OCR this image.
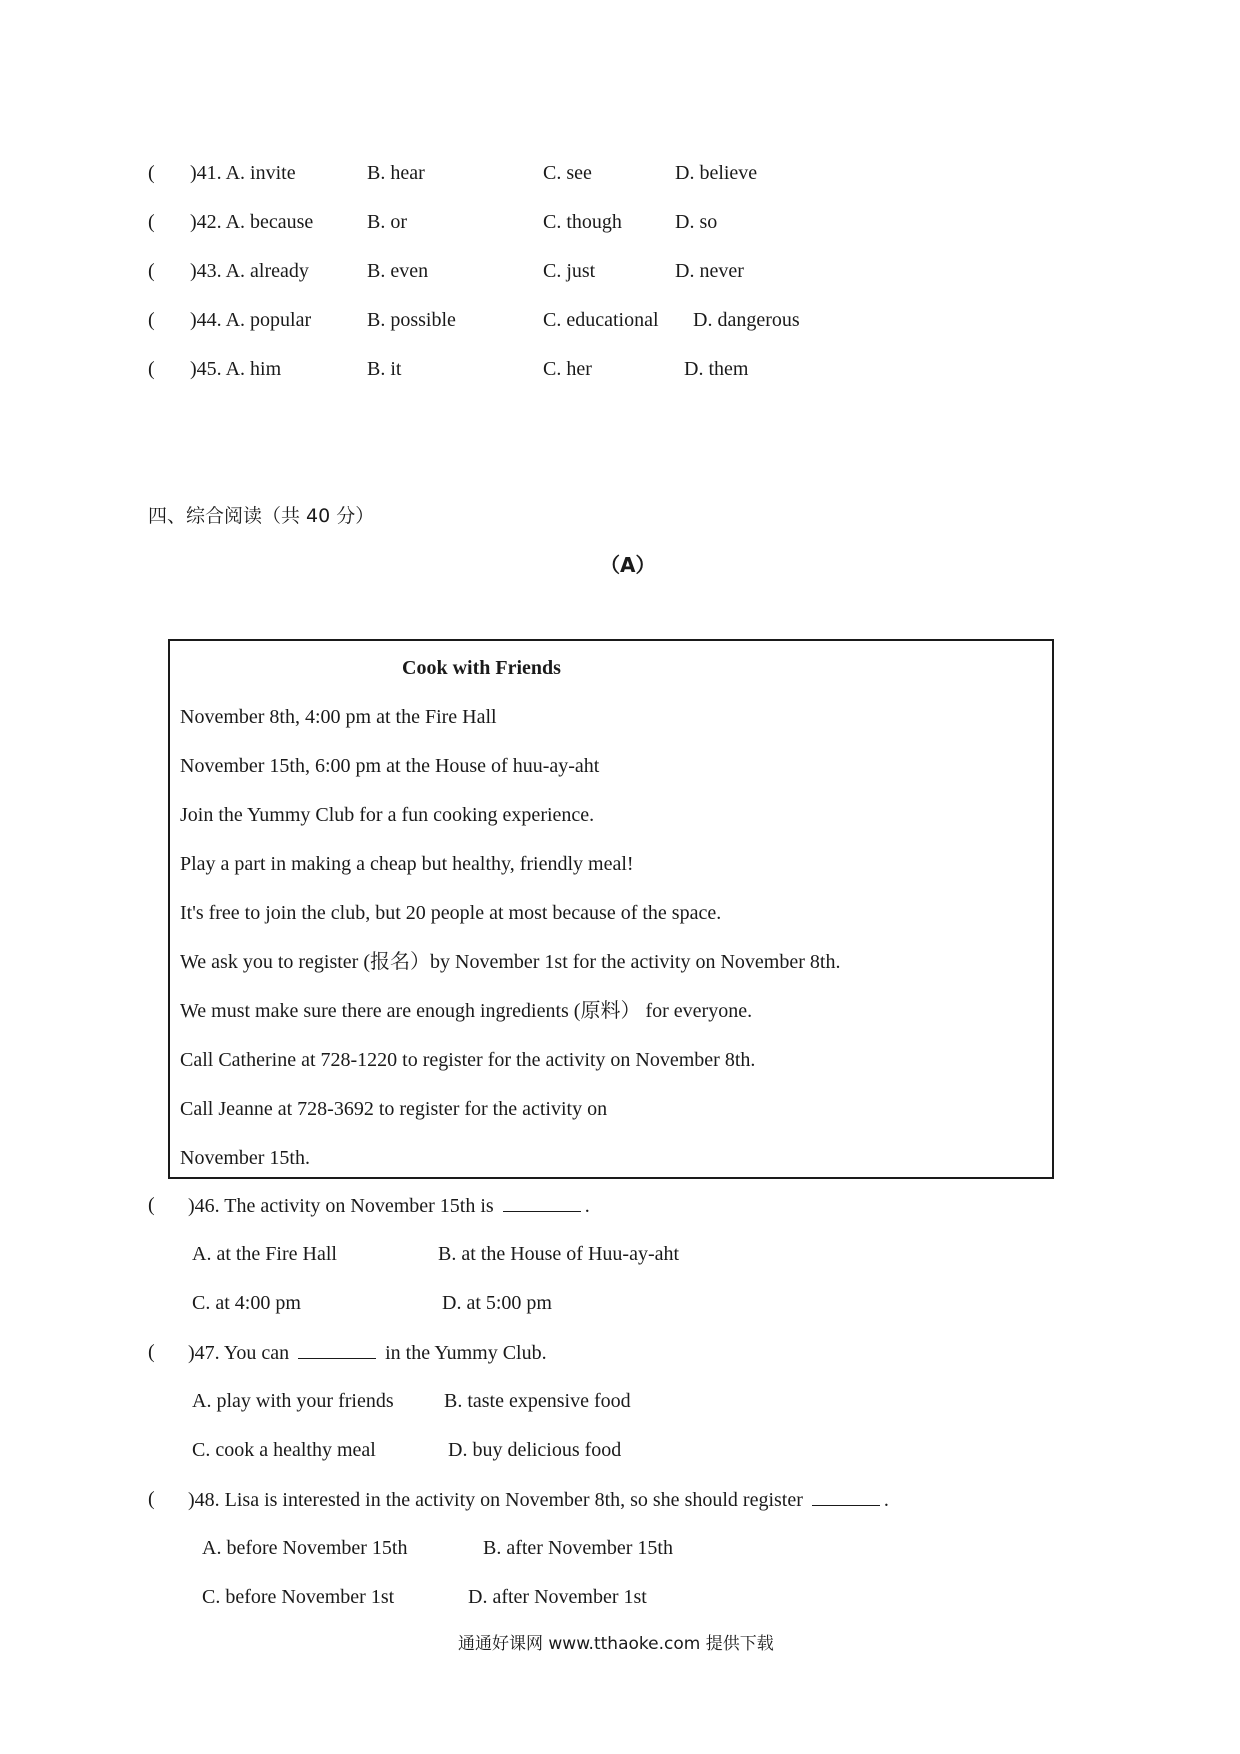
( )41. A. invite	B. hear	C. see	D. believe
( )42. A. because	B. or	C. though	D. so
( )43. A. already	B. even	C. just	D. never
( )44. A. popular	B. possible	C. educational D. dangerous
( )45. A. him	B. it	C. her	D. them
四、综合阅读（共 40 分）
（A）
Cook with Friends
November 8th, 4:00 pm at the Fire Hall
November 15th, 6:00 pm at the House of huu-ay-aht
Join the Yummy Club for a fun cooking experience.
Play a part in making a cheap but healthy, friendly meal!
It's free to join the club, but 20 people at most because of the space.
We ask you to register (报名）by November 1st for the activity on November 8th.
We must make sure there are enough ingredients (原料） for everyone.
Call Catherine at 728-1220 to register for the activity on November 8th.
Call Jeanne at 728-3692 to register for the activity on
November 15th.
( )46. The activity on November 15th is	.
A. at the Fire Hall	B. at the House of Huu-ay-aht
C. at 4:00 pm	D. at 5:00 pm
( )47. You can	in the Yummy Club.
A. play with your friends	B. taste expensive food
C. cook a healthy meal	D. buy delicious food
( )48. Lisa is interested in the activity on November 8th, so she should register	.
A. before November 15th	B. after November 15th
C. before November 1st	D. after November 1st
通通好课网 www.tthaoke.com 提供下载
